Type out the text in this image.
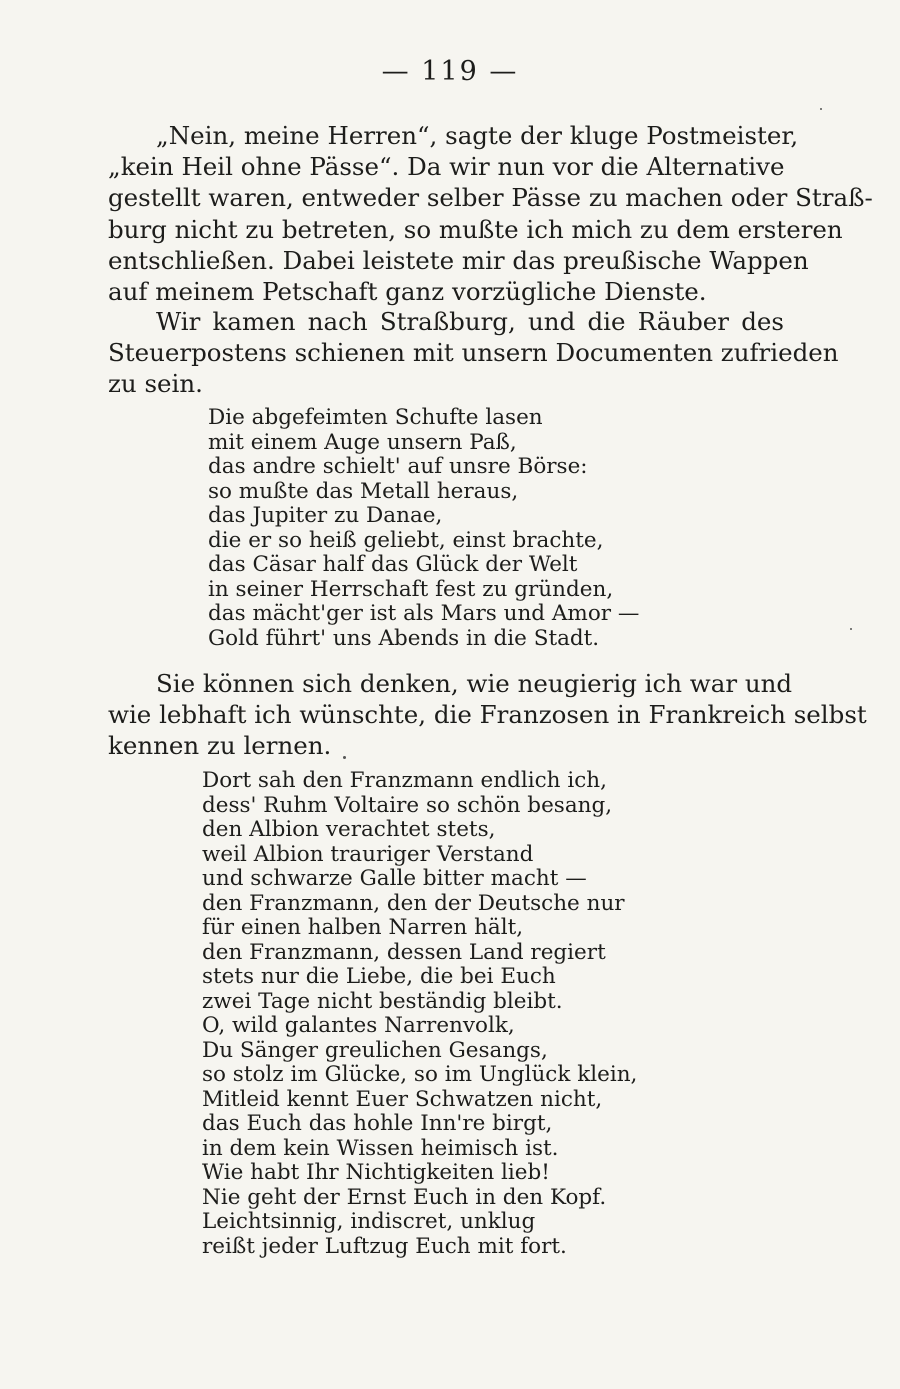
— 119 —
„Nein, meine Herren“, sagte der kluge Postmeister,
„kein Heil ohne Pässe“. Da wir nun vor die Alternative
gestellt waren, entweder selber Pässe zu machen oder Straß-
burg nicht zu betreten, so mußte ich mich zu dem ersteren
entschließen. Dabei leistete mir das preußische Wappen
auf meinem Petschaft ganz vorzügliche Dienste.
Wir kamen nach Straßburg, und die Räuber des
Steuerpostens schienen mit unsern Documenten zufrieden
zu sein.
Die abgefeimten Schufte lasen
mit einem Auge unsern Paß,
das andre schielt' auf unsre Börse:
so mußte das Metall heraus,
das Jupiter zu Danae,
die er so heiß geliebt, einst brachte,
das Cäsar half das Glück der Welt
in seiner Herrschaft fest zu gründen,
das mächt'ger ist als Mars und Amor —
Gold führt' uns Abends in die Stadt.
Sie können sich denken, wie neugierig ich war und
wie lebhaft ich wünschte, die Franzosen in Frankreich selbst
kennen zu lernen.
Dort sah den Franzmann endlich ich,
dess' Ruhm Voltaire so schön besang,
den Albion verachtet stets,
weil Albion trauriger Verstand
und schwarze Galle bitter macht —
den Franzmann, den der Deutsche nur
für einen halben Narren hält,
den Franzmann, dessen Land regiert
stets nur die Liebe, die bei Euch
zwei Tage nicht beständig bleibt.
O, wild galantes Narrenvolk,
Du Sänger greulichen Gesangs,
so stolz im Glücke, so im Unglück klein,
Mitleid kennt Euer Schwatzen nicht,
das Euch das hohle Inn're birgt,
in dem kein Wissen heimisch ist.
Wie habt Ihr Nichtigkeiten lieb!
Nie geht der Ernst Euch in den Kopf.
Leichtsinnig, indiscret, unklug
reißt jeder Luftzug Euch mit fort.
